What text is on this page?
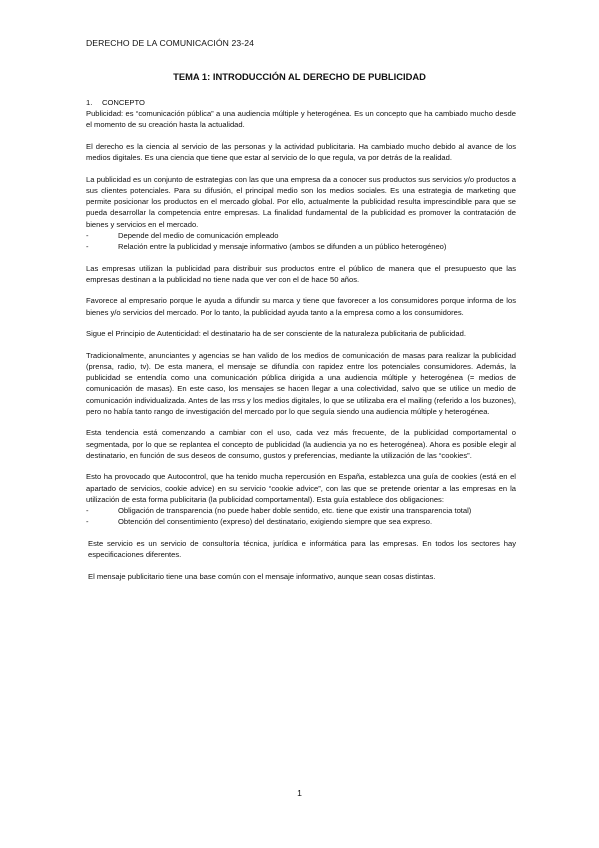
DERECHO DE LA COMUNICACIÓN 23-24
TEMA 1: INTRODUCCIÓN AL DERECHO DE PUBLICIDAD
1.	CONCEPTO

Publicidad: es “comunicación pública” a una audiencia múltiple y heterogénea. Es un concepto que ha cambiado mucho desde el momento de su creación hasta la actualidad.

El derecho es la ciencia al servicio de las personas y la actividad publicitaria. Ha cambiado mucho debido al avance de los medios digitales. Es una ciencia que tiene que estar al servicio de lo que regula, va por detrás de la realidad.

La publicidad es un conjunto de estrategias con las que una empresa da a conocer sus productos sus servicios y/o productos a sus clientes potenciales. Para su difusión, el principal medio son los medios sociales. Es una estrategia de marketing que permite posicionar los productos en el mercado global. Por ello, actualmente la publicidad resulta imprescindible para que se pueda desarrollar la competencia entre empresas. La finalidad fundamental de la publicidad es promover la contratación de bienes y servicios en el mercado.

-	Depende del medio de comunicación empleado
-	Relación entre la publicidad y mensaje informativo (ambos se difunden a un público heterogéneo)

Las empresas utilizan la publicidad para distribuir sus productos entre el público de manera que el presupuesto que las empresas destinan a la publicidad no tiene nada que ver con el de hace 50 años.

Favorece al empresario porque le ayuda a difundir su marca y tiene que favorecer a los consumidores porque informa de los bienes y/o servicios del mercado. Por lo tanto, la publicidad ayuda tanto a la empresa como a los consumidores.

Sigue el Principio de Autenticidad: el destinatario ha de ser consciente de la naturaleza publicitaria de publicidad.

Tradicionalmente, anunciantes y agencias se han valido de los medios de comunicación de masas para realizar la publicidad (prensa, radio, tv). De esta manera, el mensaje se difundía con rapidez entre los potenciales consumidores. Además, la publicidad se entendía como una comunicación pública dirigida a una audiencia múltiple y heterogénea (= medios de comunicación de masas). En este caso, los mensajes se hacen llegar a una colectividad, salvo que se utilice un medio de comunicación individualizada. Antes de las rrss y los medios digitales, lo que se utilizaba era el mailing (referido a los buzones), pero no había tanto rango de investigación del mercado por lo que seguía siendo una audiencia múltiple y heterogénea.

Esta tendencia está comenzando a cambiar con el uso, cada vez más frecuente, de la publicidad comportamental o segmentada, por lo que se replantea el concepto de publicidad (la audiencia ya no es heterogénea). Ahora es posible elegir al destinatario, en función de sus deseos de consumo, gustos y preferencias, mediante la utilización de las “cookies”.

Esto ha provocado que Autocontrol, que ha tenido mucha repercusión en España, establezca una guía de cookies (está en el apartado de servicios, cookie advice) en su servicio “cookie advice”, con las que se pretende orientar a las empresas en la utilización de esta forma publicitaria (la publicidad comportamental). Esta guía establece dos obligaciones:

-	Obligación de transparencia (no puede haber doble sentido, etc. tiene que existir una transparencia total)
-	Obtención del consentimiento (expreso) del destinatario, exigiendo siempre que sea expreso.

Este servicio es un servicio de consultoría técnica, jurídica e informática para las empresas. En todos los sectores hay especificaciones diferentes.

El mensaje publicitario tiene una base común con el mensaje informativo, aunque sean cosas distintas.

1
